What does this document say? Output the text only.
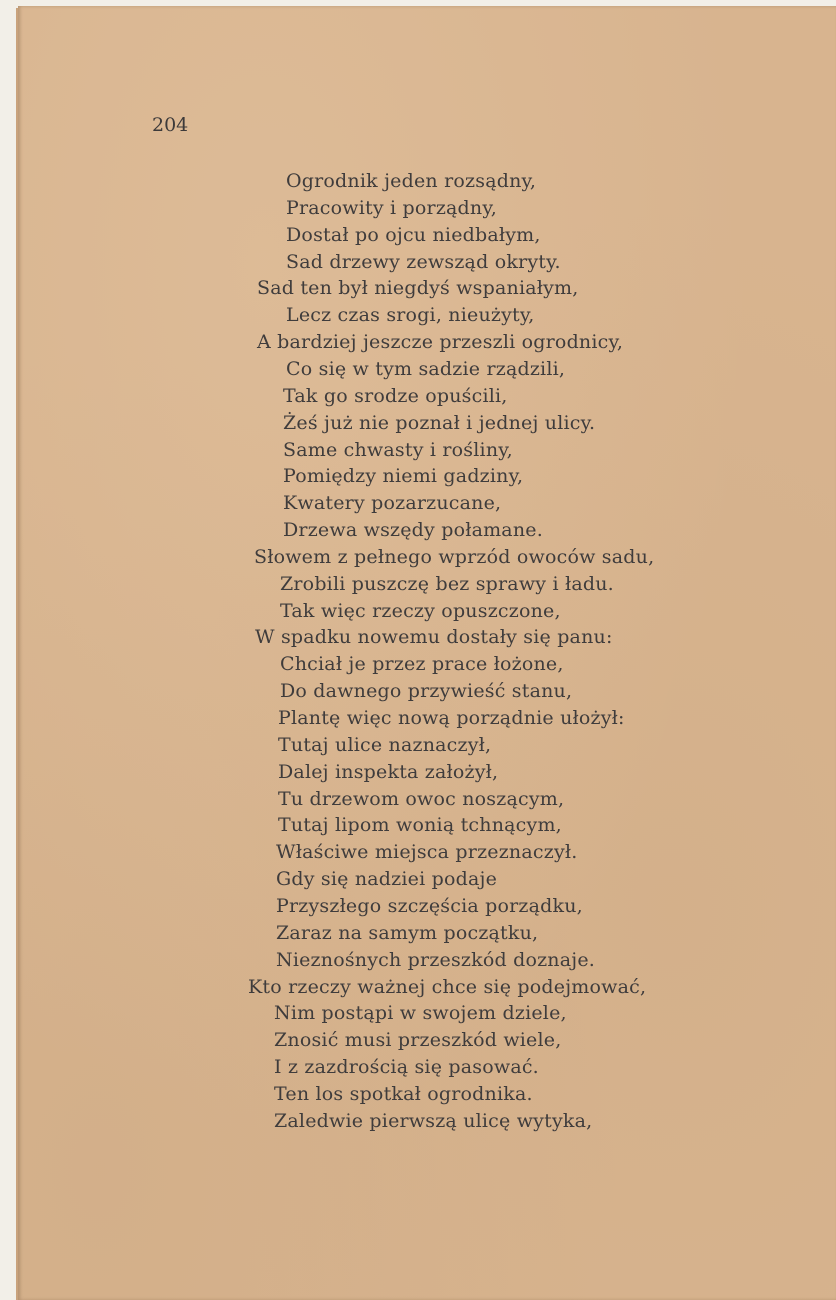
204

Ogrodnik jeden rozsądny,
Pracowity i porządny,
Dostał po ojcu niedbałym,
Sad drzewy zewsząd okryty.
Sad ten był niegdyś wspaniałym,
Lecz czas srogi, nieużyty,
A bardziej jeszcze przeszli ogrodnicy,
Co się w tym sadzie rządzili,
Tak go srodze opuścili,
Żeś już nie poznał i jednej ulicy.
Same chwasty i rośliny,
Pomiędzy niemi gadziny,
Kwatery pozarzucane,
Drzewa wszędy połamane.
Słowem z pełnego wprzód owoców sadu,
Zrobili puszczę bez sprawy i ładu.
Tak więc rzeczy opuszczone,
W spadku nowemu dostały się panu:
Chciał je przez prace łożone,
Do dawnego przywieść stanu,
Plantę więc nową porządnie ułożył:
Tutaj ulice naznaczył,
Dalej inspekta założył,
Tu drzewom owoc noszącym,
Tutaj lipom wonią tchnącym,
Właściwe miejsca przeznaczył.
Gdy się nadziei podaje
Przyszłego szczęścia porządku,
Zaraz na samym początku,
Nieznośnych przeszkód doznaje.
Kto rzeczy ważnej chce się podejmować,
Nim postąpi w swojem dziele,
Znosić musi przeszkód wiele,
I z zazdrością się pasować.
Ten los spotkał ogrodnika.
Zaledwie pierwszą ulicę wytyka,
